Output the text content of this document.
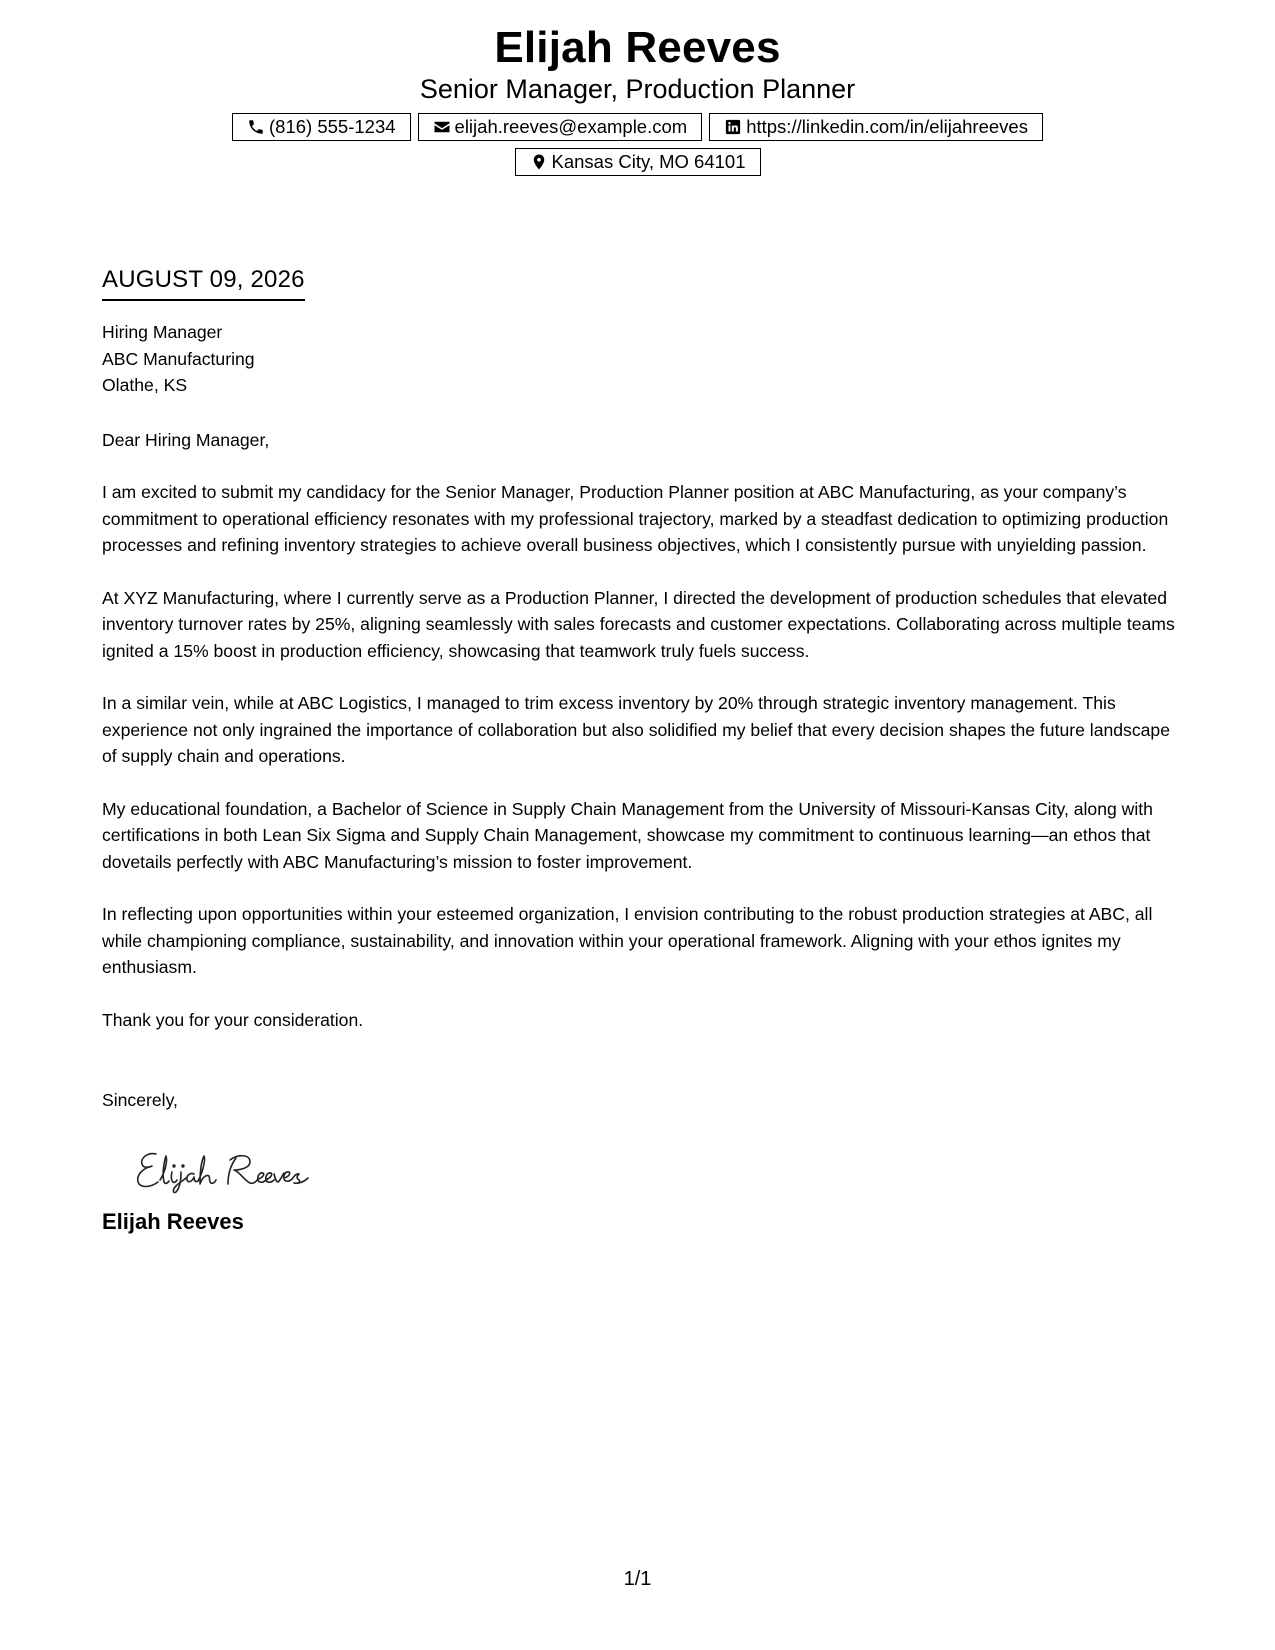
Elijah Reeves
Senior Manager, Production Planner
(816) 555-1234	elijah.reeves@example.com	https://linkedin.com/in/elijahreeves
Kansas City, MO 64101
AUGUST 09, 2026
Hiring Manager
ABC Manufacturing
Olathe, KS
Dear Hiring Manager,

I am excited to submit my candidacy for the Senior Manager, Production Planner position at ABC Manufacturing, as your company’s commitment to operational efficiency resonates with my professional trajectory, marked by a steadfast dedication to optimizing production processes and refining inventory strategies to achieve overall business objectives, which I consistently pursue with unyielding passion.

At XYZ Manufacturing, where I currently serve as a Production Planner, I directed the development of production schedules that elevated inventory turnover rates by 25%, aligning seamlessly with sales forecasts and customer expectations. Collaborating across multiple teams ignited a 15% boost in production efficiency, showcasing that teamwork truly fuels success.

In a similar vein, while at ABC Logistics, I managed to trim excess inventory by 20% through strategic inventory management. This experience not only ingrained the importance of collaboration but also solidified my belief that every decision shapes the future landscape of supply chain and operations.

My educational foundation, a Bachelor of Science in Supply Chain Management from the University of Missouri-Kansas City, along with certifications in both Lean Six Sigma and Supply Chain Management, showcase my commitment to continuous learning—an ethos that dovetails perfectly with ABC Manufacturing’s mission to foster improvement.

In reflecting upon opportunities within your esteemed organization, I envision contributing to the robust production strategies at ABC, all while championing compliance, sustainability, and innovation within your operational framework. Aligning with your ethos ignites my enthusiasm.

Thank you for your consideration.
Sincerely,
Elijah Reeves
1/1
